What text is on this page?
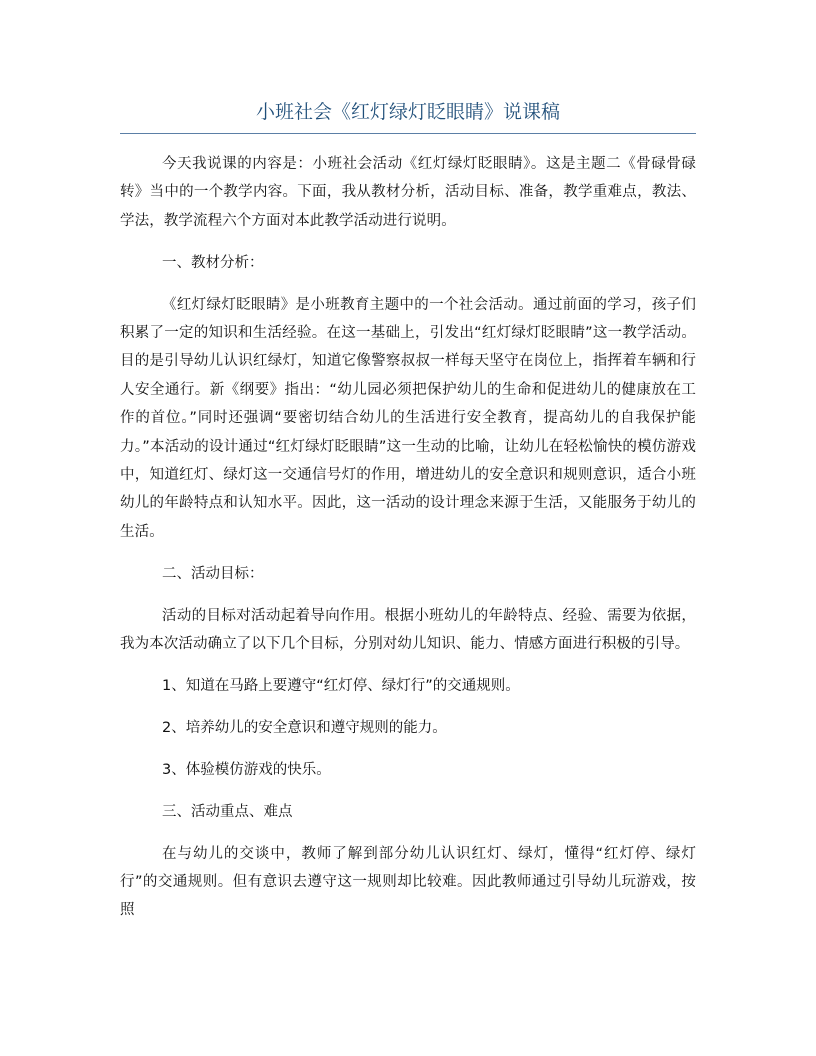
小班社会《红灯绿灯眨眼睛》说课稿

今天我说课的内容是：小班社会活动《红灯绿灯眨眼睛》。这是主题二《骨碌骨碌转》当中的一个教学内容。下面，我从教材分析，活动目标、准备，教学重难点，教法、学法，教学流程六个方面对本此教学活动进行说明。

一、教材分析：

《红灯绿灯眨眼睛》是小班教育主题中的一个社会活动。通过前面的学习，孩子们积累了一定的知识和生活经验。在这一基础上，引发出“红灯绿灯眨眼睛”这一教学活动。目的是引导幼儿认识红绿灯，知道它像警察叔叔一样每天坚守在岗位上，指挥着车辆和行人安全通行。新《纲要》指出：“幼儿园必须把保护幼儿的生命和促进幼儿的健康放在工作的首位。”同时还强调“要密切结合幼儿的生活进行安全教育，提高幼儿的自我保护能力。”本活动的设计通过“红灯绿灯眨眼睛”这一生动的比喻，让幼儿在轻松愉快的模仿游戏中，知道红灯、绿灯这一交通信号灯的作用，增进幼儿的安全意识和规则意识，适合小班幼儿的年龄特点和认知水平。因此，这一活动的设计理念来源于生活，又能服务于幼儿的生活。

二、活动目标：

活动的目标对活动起着导向作用。根据小班幼儿的年龄特点、经验、需要为依据，我为本次活动确立了以下几个目标，分别对幼儿知识、能力、情感方面进行积极的引导。

1、知道在马路上要遵守“红灯停、绿灯行”的交通规则。

2、培养幼儿的安全意识和遵守规则的能力。

3、体验模仿游戏的快乐。

三、活动重点、难点

在与幼儿的交谈中，教师了解到部分幼儿认识红灯、绿灯，懂得“红灯停、绿灯行”的交通规则。但有意识去遵守这一规则却比较难。因此教师通过引导幼儿玩游戏，按照
